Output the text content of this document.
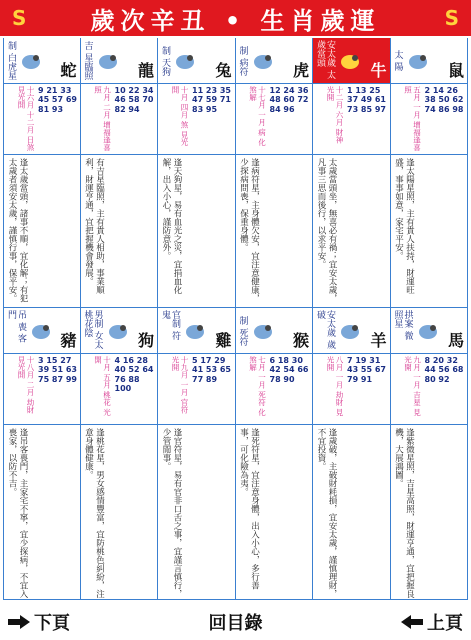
S	歲次辛丑 • 生肖歲運	S
制 白虎星	蛇
十六月 十二月 日煞 見光開	9 21 33 45 57 69 81 93
逢太歲當頭，諸事不順，宜化解；有犯太歲者須安太歲，謹慎行事，保平安。
吉 星臨照	龍
九月 二月 增福逢喜 照	10 22 34 46 58 70 82 94
有吉星臨照，主有貴人相助，事業順利，財運亨通，宜把握機會發展。
制 天狗	兔
十月 四月 煞 見光開	11 23 35 47 59 71 83 95
逢天狗星，易有血光之災，宜捐血化解，出入小心，謹防意外。
制 病符	虎
十七月 一月 病 化煞解	12 24 36 48 60 72 84 96
逢病符星，主身體欠安，宜注意健康，少探病問喪，保重身體。
安太歲 太歲當頭
牛
十二月 六月 財神 光開	1 13 25 37 49 61 73 85 97
太歲當頭坐，無喜必有禍；宜安太歲，凡事三思而後行，以求平安。
太 陽	鼠
五月 一月 增福逢喜 照	2 14 26 38 50 62 74 86 98
逢太陽星照，主有貴人扶持，財運旺盛，事事如意，家宅平安。
吊 喪 客門
豬
十八月 二月 劫財 見光開	3 15 27 39 51 63 75 87 99
逢吊客喪門，主家宅不寧，宜少探病，不宜入喪家，以防不吉。
男制 女太 桃花陰
狗
十月 五月 桃花 光開	4 16 28 40 52 64 76 88 100
逢桃花星，男女感情豐富，宜防桃色糾紛，注意身體健康。
官制 符 鬼
雞
十九月 一月 官符 光開	5 17 29 41 53 65 77 89
逢官符星，易有官非口舌之事，宜謹言慎行，少管閒事。
制 死符	猴
七月 一月 死符 化煞解	6 18 30 42 54 66 78 90
逢死符星，宜注意身體，出入小心，多行善事，可化險為夷。
安太歲 歲破
羊
八月 一月 劫財 見光開	7 19 31 43 55 67 79 91
逢歲破，主破財耗損，宜安太歲，謹慎理財，不宜投資。
拱案 微 照星
馬
九月 一月 吉星 見光開	8 20 32 44 56 68 80 92
逢紫微星照，吉星高照，財運亨通，宜把握良機，大展鴻圖。
下頁	回目錄	上頁
